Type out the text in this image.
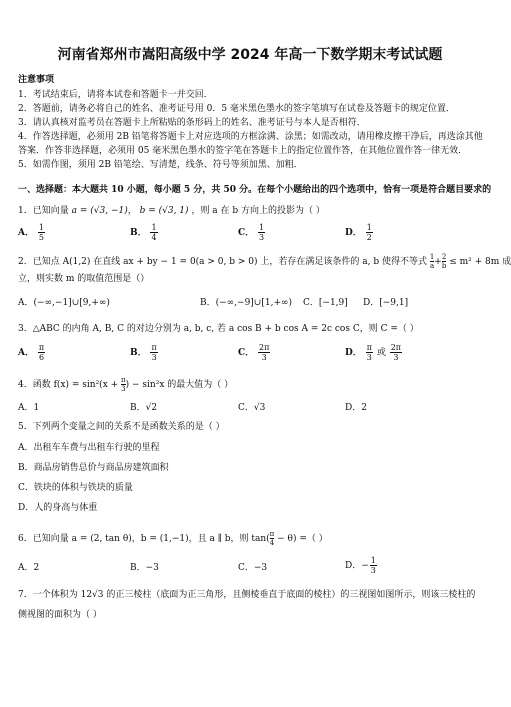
河南省郑州市嵩阳高级中学 2024 年高一下数学期末考试试题
注意事项
1．考试结束后，请将本试卷和答题卡一并交回．
2．答题前，请务必将自己的姓名、准考证号用 0．5 毫米黑色墨水的签字笔填写在试卷及答题卡的规定位置．
3．请认真核对监考员在答题卡上所粘贴的条形码上的姓名、准考证号与本人是否相符．
4．作答选择题，必须用 2B 铅笔将答题卡上对应选项的方框涂满、涂黑；如需改动，请用橡皮擦干净后，再选涂其他
答案．作答非选择题，必须用 05 毫米黑色墨水的签字笔在答题卡上的指定位置作答，在其他位置作答一律无效．
5．如需作图，须用 2B 铅笔绘、写清楚，线条、符号等须加黑、加粗．
一、选择题：本大题共 10 小题，每小题 5 分，共 50 分。在每个小题给出的四个选项中，恰有一项是符合题目要求的
1．已知向量 a = (√3, −1)， b = (√3, 1) ，则 a 在 b 方向上的投影为（ ）
A． $\frac{1}{5}$	B． $\frac{1}{4}$	C． $\frac{1}{3}$	D． $\frac{1}{2}$
2．已知点 A(1,2) 在直线 ax + by − 1 = 0(a > 0, b > 0) 上，若存在满足该条件的 a, b 使得不等式 $\frac{1}{a} + \frac{2}{b} \le m^2 + 8m$ 成
立，则实数 m 的取值范围是（）
A．(−∞,−1]∪[9,+∞)	B．(−∞,−9]∪[1,+∞) C．[−1,9] D．[−9,1]
3．△ABC 的内角 A, B, C 的对边分别为 a, b, c, 若 a cos B + b cos A = 2c cos C，则 C =（ ）
A． $\frac{\pi}{6}$	B． $\frac{\pi}{3}$	C． $\frac{2\pi}{3}$	D． $\frac{\pi}{3}$ 或 $\frac{2\pi}{3}$
4．函数 $f(x) = \sin^2(x + \frac{\pi}{3}$ ) − sin²x 的最大值为（ ）
A．1	B．√2	C．√3	D．2
5．下列两个变量之间的关系不是函数关系的是（ ）
A．出租车车费与出租车行驶的里程
B．商品房销售总价与商品房建筑面积
C．铁块的体积与铁块的质量
D．人的身高与体重
6．已知向量 a = (2, tan θ)，b = (1,−1)，且 a ∥ b，则 $\tan( \frac{\pi}{4} - \theta)$ =（ ）
A．2	B．−3	C．−3	D．− $\frac{1}{3}$
7．一个体积为 12√3 的正三棱柱（底面为正三角形，且侧棱垂直于底面的棱柱）的三视图如图所示，则该三棱柱的
侧视图的面积为（ ）
